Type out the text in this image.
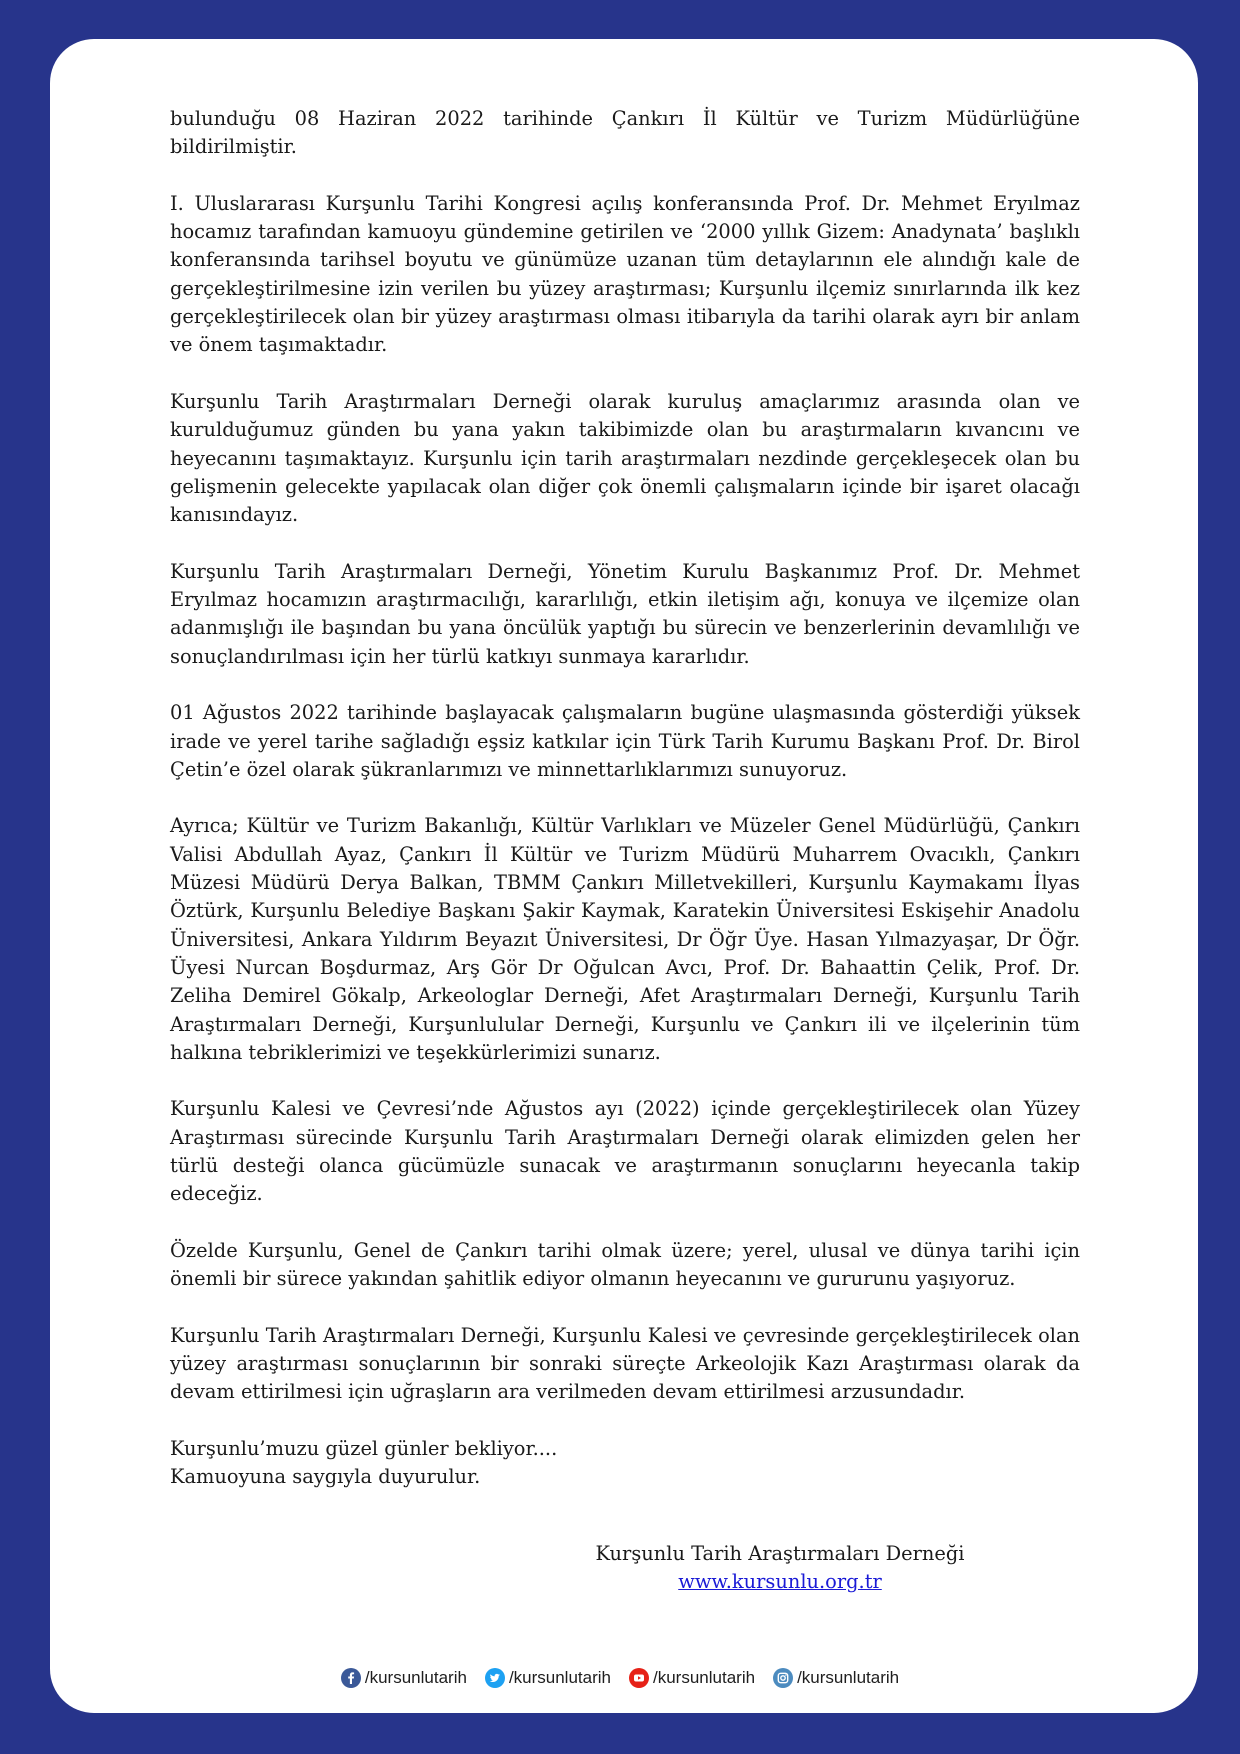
bulunduğu 08 Haziran 2022 tarihinde Çankırı İl Kültür ve Turizm Müdürlüğüne bildirilmiştir.

I. Uluslararası Kurşunlu Tarihi Kongresi açılış konferansında Prof. Dr. Mehmet Eryılmaz hocamız tarafından kamuoyu gündemine getirilen ve ‘2000 yıllık Gizem: Anadynata’ başlıklı konferansında tarihsel boyutu ve günümüze uzanan tüm detaylarının ele alındığı kale de gerçekleştirilmesine izin verilen bu yüzey araştırması; Kurşunlu ilçemiz sınırlarında ilk kez gerçekleştirilecek olan bir yüzey araştırması olması itibarıyla da tarihi olarak ayrı bir anlam ve önem taşımaktadır.

Kurşunlu Tarih Araştırmaları Derneği olarak kuruluş amaçlarımız arasında olan ve kurulduğumuz günden bu yana yakın takibimizde olan bu araştırmaların kıvancını ve heyecanını taşımaktayız. Kurşunlu için tarih araştırmaları nezdinde gerçekleşecek olan bu gelişmenin gelecekte yapılacak olan diğer çok önemli çalışmaların içinde bir işaret olacağı kanısındayız.

Kurşunlu Tarih Araştırmaları Derneği, Yönetim Kurulu Başkanımız Prof. Dr. Mehmet Eryılmaz hocamızın araştırmacılığı, kararlılığı, etkin iletişim ağı, konuya ve ilçemize olan adanmışlığı ile başından bu yana öncülük yaptığı bu sürecin ve benzerlerinin devamlılığı ve sonuçlandırılması için her türlü katkıyı sunmaya kararlıdır.

01 Ağustos 2022 tarihinde başlayacak çalışmaların bugüne ulaşmasında gösterdiği yüksek irade ve yerel tarihe sağladığı eşsiz katkılar için Türk Tarih Kurumu Başkanı Prof. Dr. Birol Çetin’e özel olarak şükranlarımızı ve minnettarlıklarımızı sunuyoruz.

Ayrıca; Kültür ve Turizm Bakanlığı, Kültür Varlıkları ve Müzeler Genel Müdürlüğü, Çankırı Valisi Abdullah Ayaz, Çankırı İl Kültür ve Turizm Müdürü Muharrem Ovacıklı, Çankırı Müzesi Müdürü Derya Balkan, TBMM Çankırı Milletvekilleri, Kurşunlu Kaymakamı İlyas Öztürk, Kurşunlu Belediye Başkanı Şakir Kaymak, Karatekin Üniversitesi Eskişehir Anadolu Üniversitesi, Ankara Yıldırım Beyazıt Üniversitesi, Dr Öğr Üye. Hasan Yılmazyaşar, Dr Öğr. Üyesi Nurcan Boşdurmaz, Arş Gör Dr Oğulcan Avcı, Prof. Dr. Bahaattin Çelik, Prof. Dr. Zeliha Demirel Gökalp, Arkeologlar Derneği, Afet Araştırmaları Derneği, Kurşunlu Tarih Araştırmaları Derneği, Kurşunlulular Derneği, Kurşunlu ve Çankırı ili ve ilçelerinin tüm halkına tebriklerimizi ve teşekkürlerimizi sunarız.

Kurşunlu Kalesi ve Çevresi’nde Ağustos ayı (2022) içinde gerçekleştirilecek olan Yüzey Araştırması sürecinde Kurşunlu Tarih Araştırmaları Derneği olarak elimizden gelen her türlü desteği olanca gücümüzle sunacak ve araştırmanın sonuçlarını heyecanla takip edeceğiz.

Özelde Kurşunlu, Genel de Çankırı tarihi olmak üzere; yerel, ulusal ve dünya tarihi için önemli bir sürece yakından şahitlik ediyor olmanın heyecanını ve gururunu yaşıyoruz.

Kurşunlu Tarih Araştırmaları Derneği, Kurşunlu Kalesi ve çevresinde gerçekleştirilecek olan yüzey araştırması sonuçlarının bir sonraki süreçte Arkeolojik Kazı Araştırması olarak da devam ettirilmesi için uğraşların ara verilmeden devam ettirilmesi arzusundadır.

Kurşunlu’muzu güzel günler bekliyor....
Kamuoyuna saygıyla duyurulur.

Kurşunlu Tarih Araştırmaları Derneği
www.kursunlu.org.tr
/kursunlutarih /kursunlutarih /kursunlutarih /kursunlutarih
